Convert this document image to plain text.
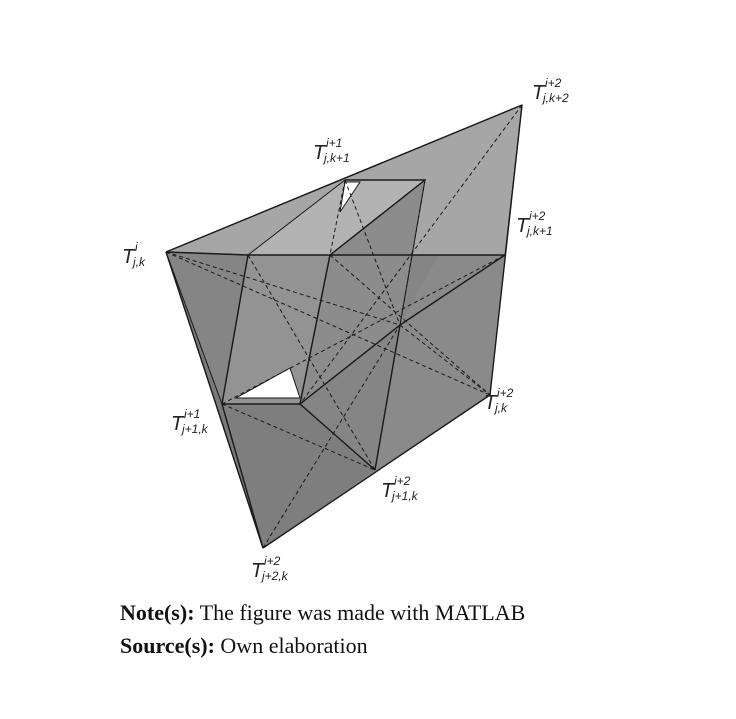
T i
j,k
T i+1
j,k+1
T i+2
j,k+2
T i+2
j,k+1
T i+2
j,k
T i+1
j+1,k
T i+2
j+1,k
T i+2
j+2,k
Note(s): The figure was made with MATLAB
Source(s): Own elaboration
